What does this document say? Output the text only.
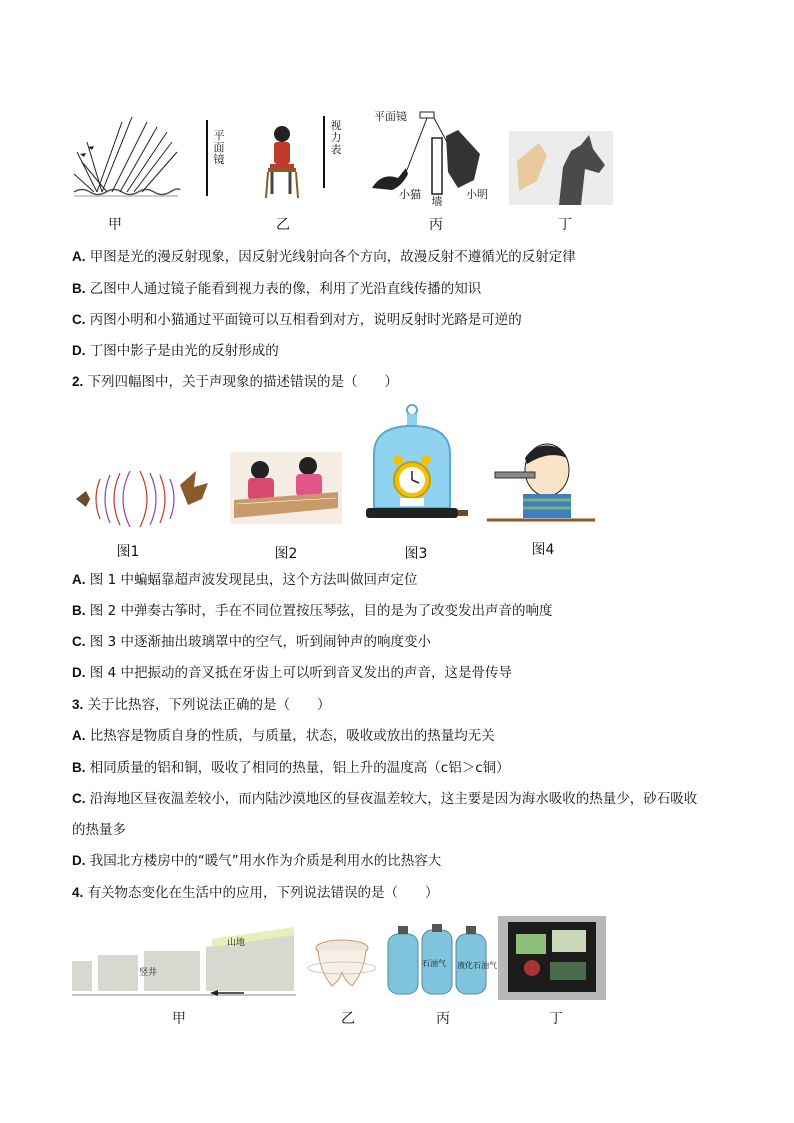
平面镜
视力表
平面镜
小猫
墙
小明
甲	乙	丙	丁
A. 甲图是光的漫反射现象，因反射光线射向各个方向，故漫反射不遵循光的反射定律
B. 乙图中人通过镜子能看到视力表的像，利用了光沿直线传播的知识
C. 丙图小明和小猫通过平面镜可以互相看到对方，说明反射时光路是可逆的
D. 丁图中影子是由光的反射形成的
2. 下列四幅图中，关于声现象的描述错误的是（　　）
图1	图2	图3	图4
A. 图 1 中蝙蝠靠超声波发现昆虫，这个方法叫做回声定位
B. 图 2 中弹奏古筝时，手在不同位置按压琴弦，目的是为了改变发出声音的响度
C. 图 3 中逐渐抽出玻璃罩中的空气，听到闹钟声的响度变小
D. 图 4 中把振动的音叉抵在牙齿上可以听到音叉发出的声音，这是骨传导
3. 关于比热容，下列说法正确的是（　　）
A. 比热容是物质自身的性质，与质量，状态，吸收或放出的热量均无关
B. 相同质量的铝和铜，吸收了相同的热量，铝上升的温度高（c铝＞c铜）
C. 沿海地区昼夜温差较小，而内陆沙漠地区的昼夜温差较大，这主要是因为海水吸收的热量少，砂石吸收
的热量多
D. 我国北方楼房中的“暖气”用水作为介质是利用水的比热容大
4. 有关物态变化在生活中的应用，下列说法错误的是（　　）
山地
竖井
石油气 液化石油气
甲	乙	丙	丁
